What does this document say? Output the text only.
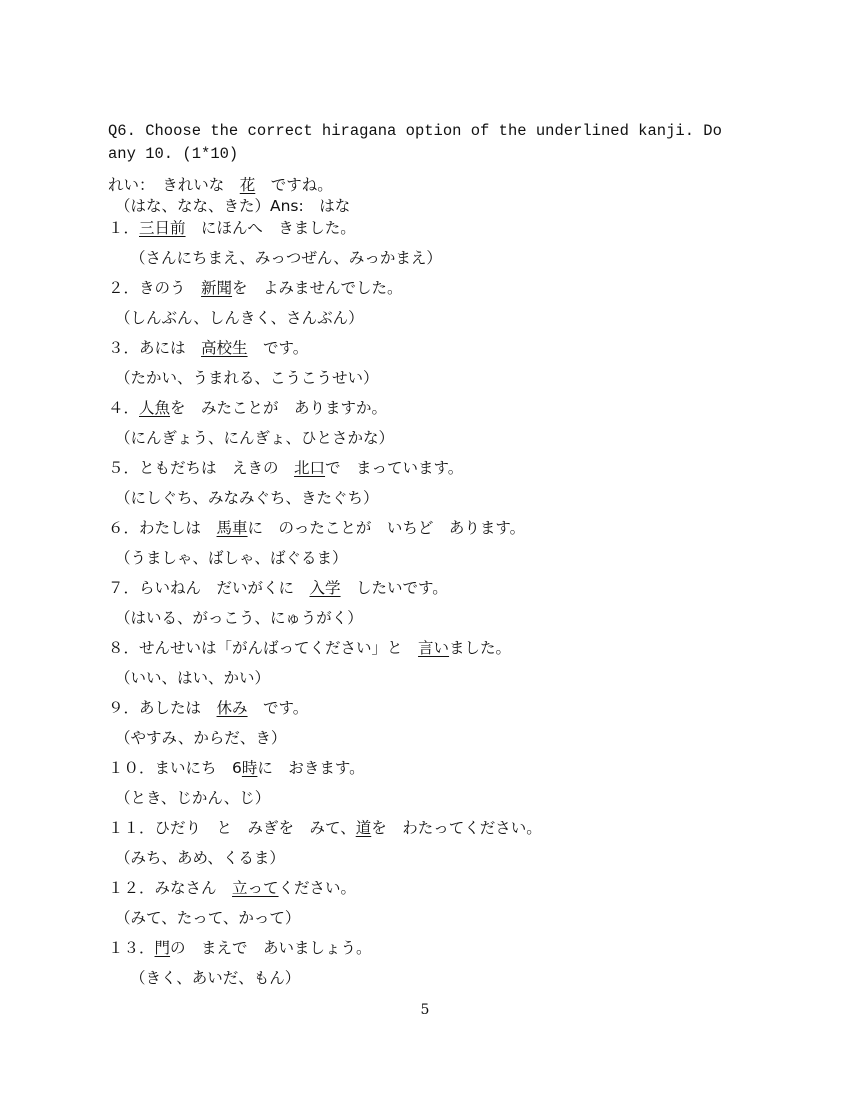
Q6. Choose the correct hiragana option of the underlined kanji. Do any 10. (1*10)
れい：　きれいな　花　ですね。
（はな、なな、きた）Ans:　はな
１．三日前　にほんへ　きました。
（さんにちまえ、みっつぜん、みっかまえ）
２．きのう　新聞を　よみませんでした。
（しんぶん、しんきく、さんぶん）
３．あには　高校生　です。
（たかい、うまれる、こうこうせい）
４．人魚を　みたことが　ありますか。
（にんぎょう、にんぎょ、ひとさかな）
５．ともだちは　えきの　北口で　まっています。
（にしぐち、みなみぐち、きたぐち）
６．わたしは　馬車に　のったことが　いちど　あります。
（うましゃ、ばしゃ、ばぐるま）
７．らいねん　だいがくに　入学　したいです。
（はいる、がっこう、にゅうがく）
８．せんせいは「がんばってください」と　言いました。
（いい、はい、かい）
９．あしたは　休み　です。
（やすみ、からだ、き）
１０．まいにち　6時に　おきます。
（とき、じかん、じ）
１１．ひだり　と　みぎを　みて、道を　わたってください。
（みち、あめ、くるま）
１２．みなさん　立ってください。
（みて、たって、かって）
１３．門の　まえで　あいましょう。
（きく、あいだ、もん）
5
